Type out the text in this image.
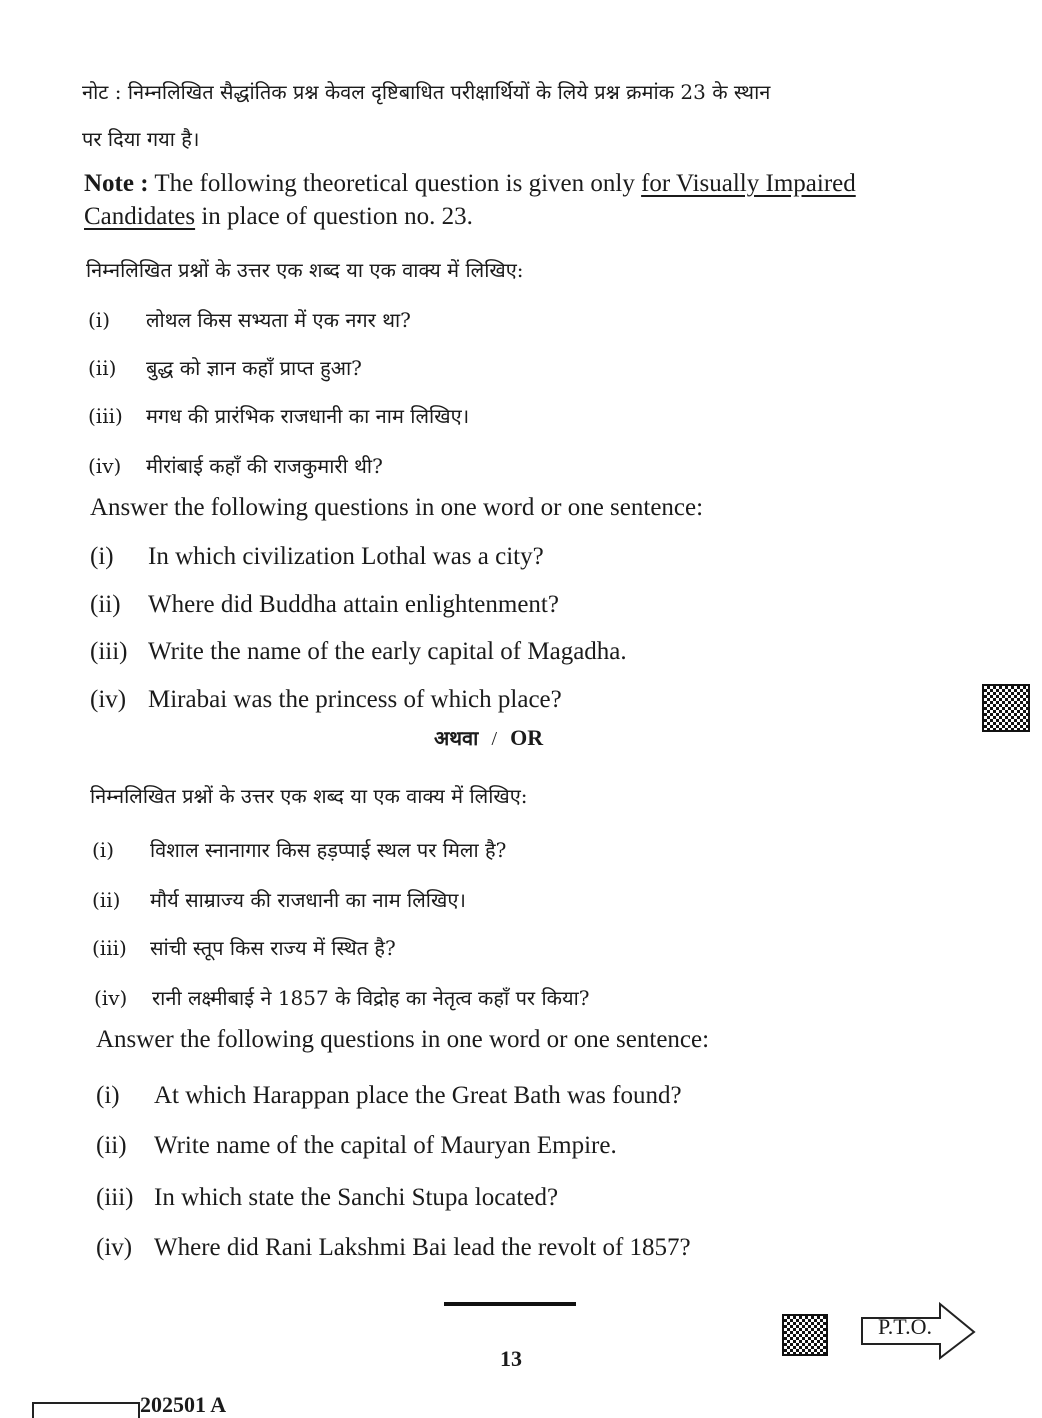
नोट : निम्नलिखित सैद्धांतिक प्रश्न केवल दृष्टिबाधित परीक्षार्थियों के लिये प्रश्न क्रमांक 23 के स्थान
पर दिया गया है।
Note : The following theoretical question is given only for Visually Impaired
Candidates in place of question no. 23.
निम्नलिखित प्रश्नों के उत्तर एक शब्द या एक वाक्य में लिखिए:
(i) लोथल किस सभ्यता में एक नगर था?
(ii) बुद्ध को ज्ञान कहाँ प्राप्त हुआ?
(iii) मगध की प्रारंभिक राजधानी का नाम लिखिए।
(iv) मीरांबाई कहाँ की राजकुमारी थी?
Answer the following questions in one word or one sentence:
(i) In which civilization Lothal was a city?
(ii) Where did Buddha attain enlightenment?
(iii) Write the name of the early capital of Magadha.
(iv) Mirabai was the princess of which place?
अथवा / OR
निम्नलिखित प्रश्नों के उत्तर एक शब्द या एक वाक्य में लिखिए:
(i) विशाल स्नानागार किस हड़प्पाई स्थल पर मिला है?
(ii) मौर्य साम्राज्य की राजधानी का नाम लिखिए।
(iii) सांची स्तूप किस राज्य में स्थित है?
(iv) रानी लक्ष्मीबाई ने 1857 के विद्रोह का नेतृत्व कहाँ पर किया?
Answer the following questions in one word or one sentence:
(i) At which Harappan place the Great Bath was found?
(ii) Write name of the capital of Mauryan Empire.
(iii) In which state the Sanchi Stupa located?
(iv) Where did Rani Lakshmi Bai lead the revolt of 1857?
P.T.O.
13
202501 A
